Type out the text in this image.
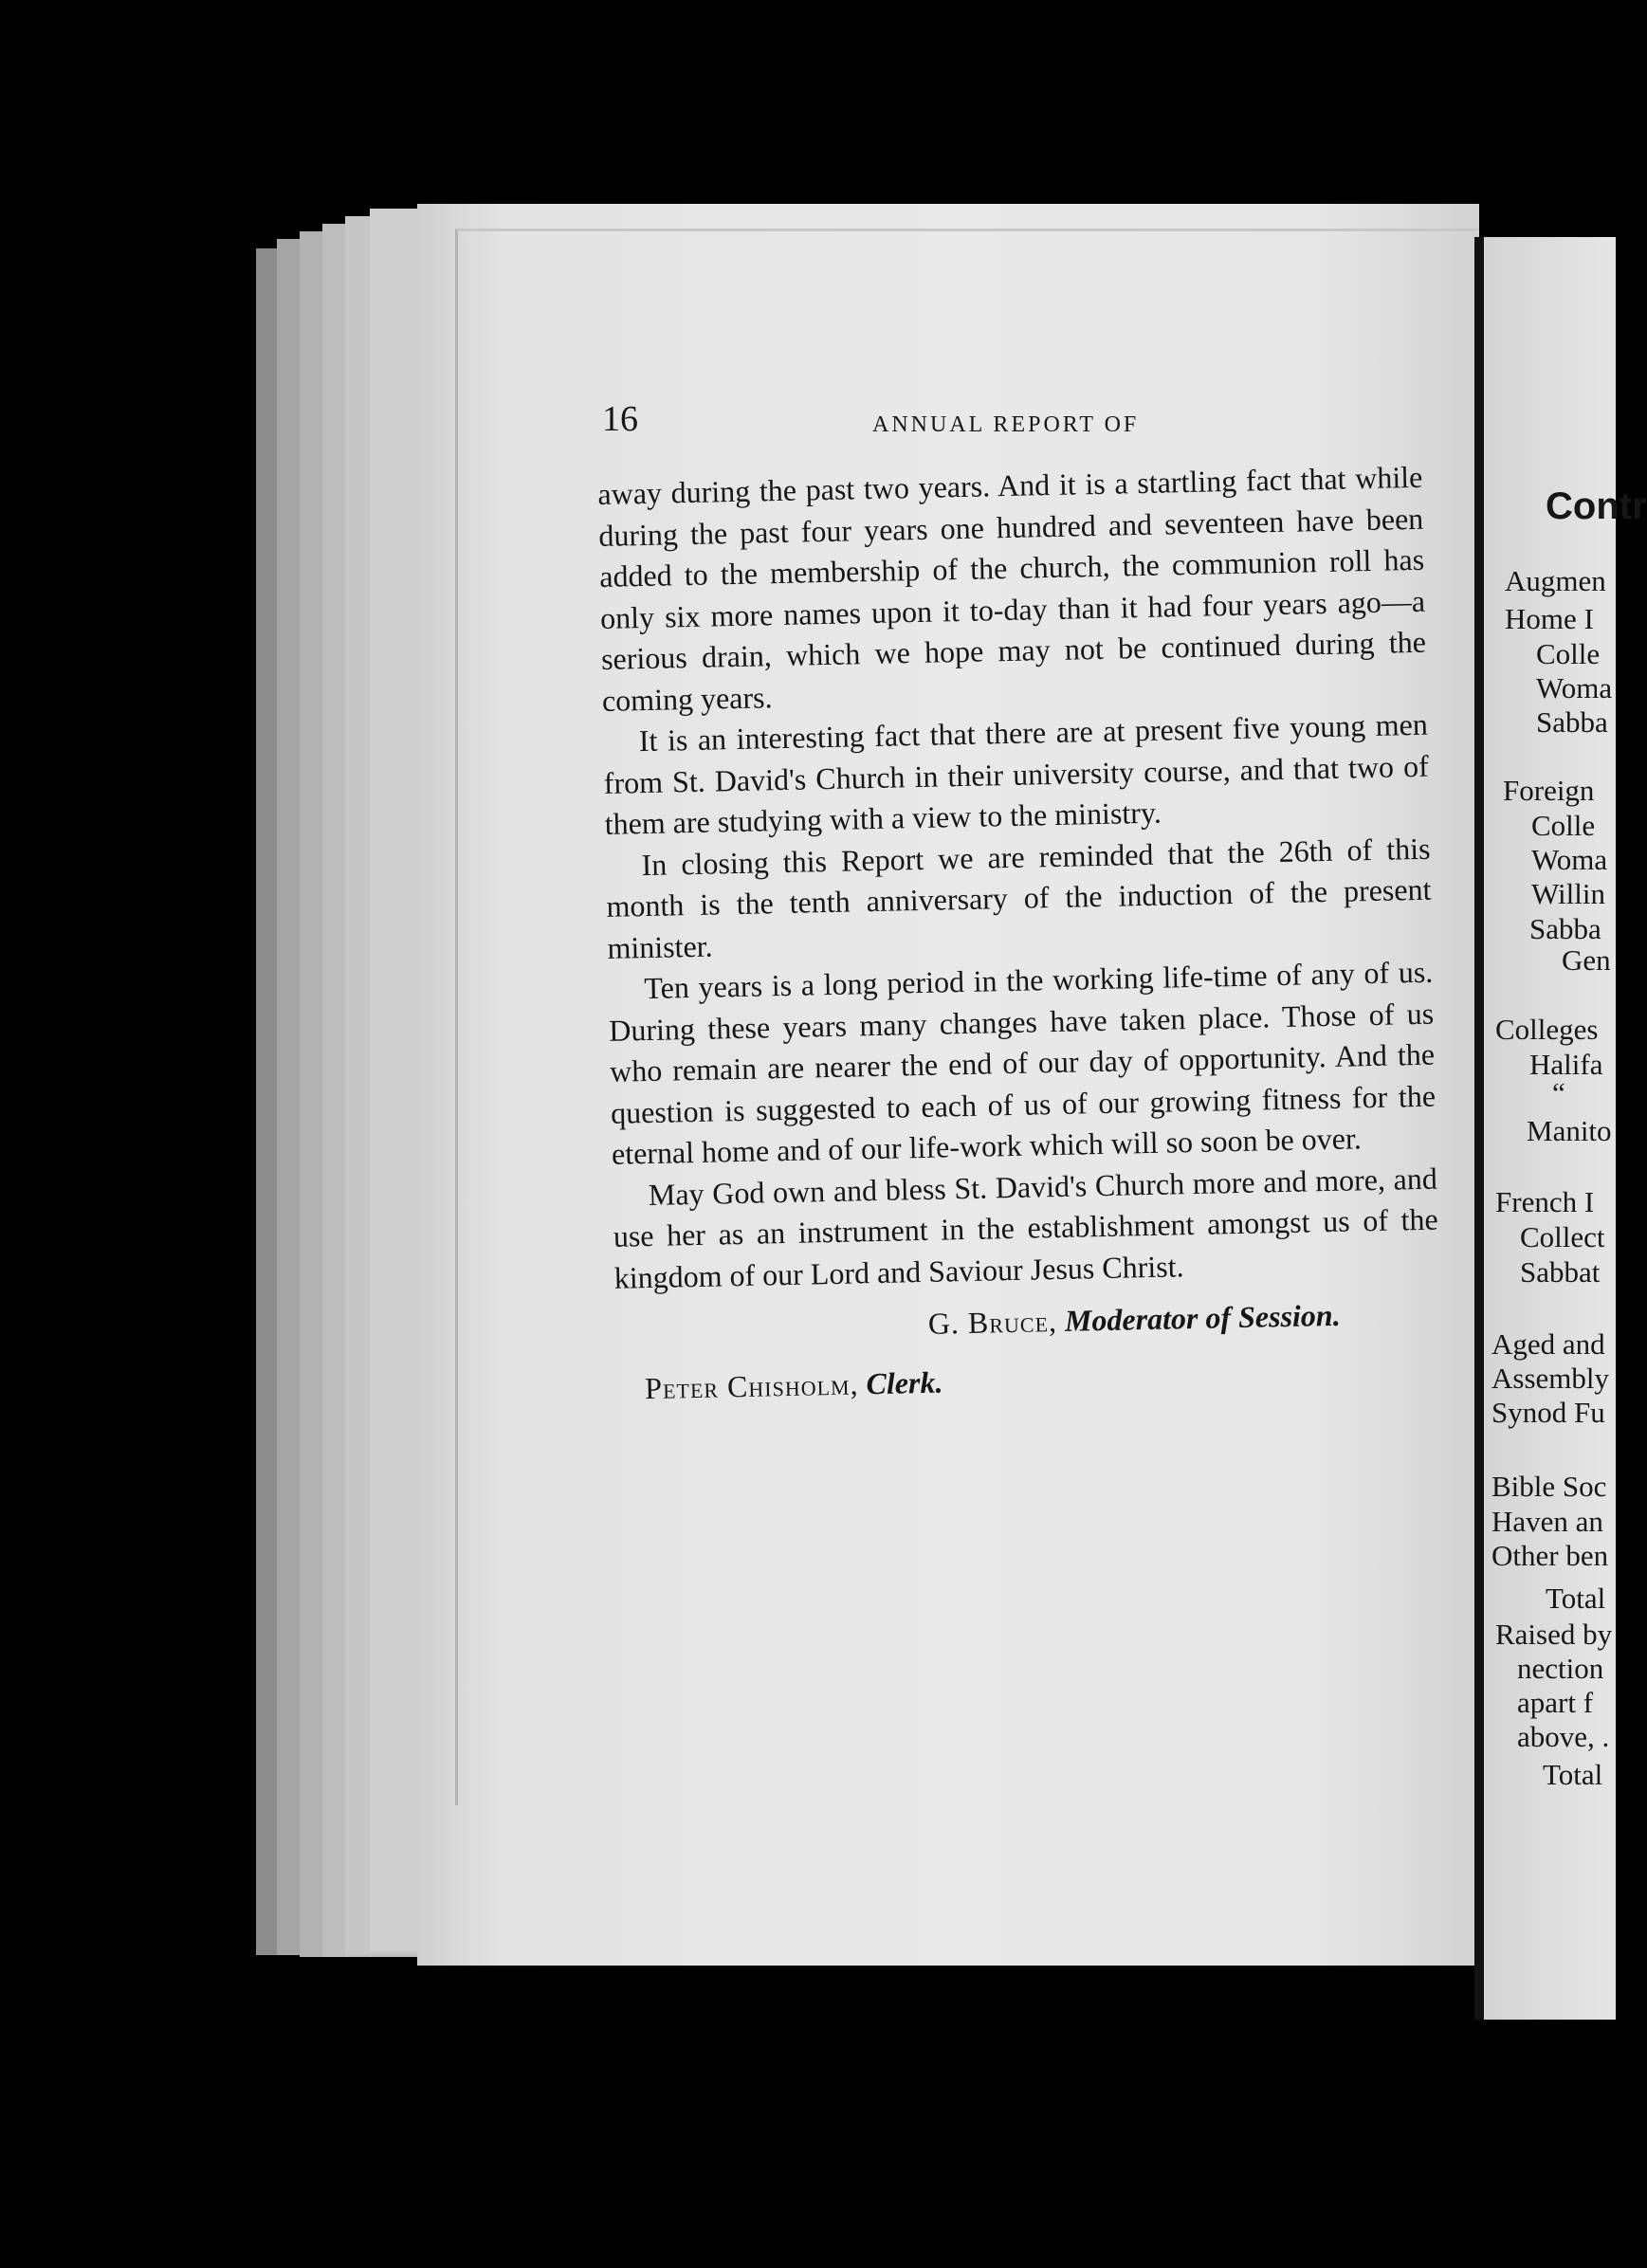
16	ANNUAL REPORT OF

away during the past two years. And it is a startling fact that while during the past four years one hundred and seventeen have been added to the membership of the church, the communion roll has only six more names upon it to-day than it had four years ago—a serious drain, which we hope may not be continued during the coming years.

It is an interesting fact that there are at present five young men from St. David's Church in their university course, and that two of them are studying with a view to the ministry.

In closing this Report we are reminded that the 26th of this month is the tenth anniversary of the induction of the present minister.

Ten years is a long period in the working life-time of any of us. During these years many changes have taken place. Those of us who remain are nearer the end of our day of opportunity. And the question is suggested to each of us of our growing fitness for the eternal home and of our life-work which will so soon be over.

May God own and bless St. David's Church more and more, and use her as an instrument in the establishment amongst us of the kingdom of our Lord and Saviour Jesus Christ.

G. Bruce, Moderator of Session.
Peter Chisholm, Clerk.
Contr
Augmen
Home I
Colle
Woma
Sabba
Foreign
Colle
Woma
Willin
Sabba
Gen
Colleges
Halifa
“
Manito
French I
Collect
Sabbat
Aged and
Assembly
Synod Fu
Bible Soc
Haven an
Other ben
Total
Raised by
nection
apart f
above, .
Total
